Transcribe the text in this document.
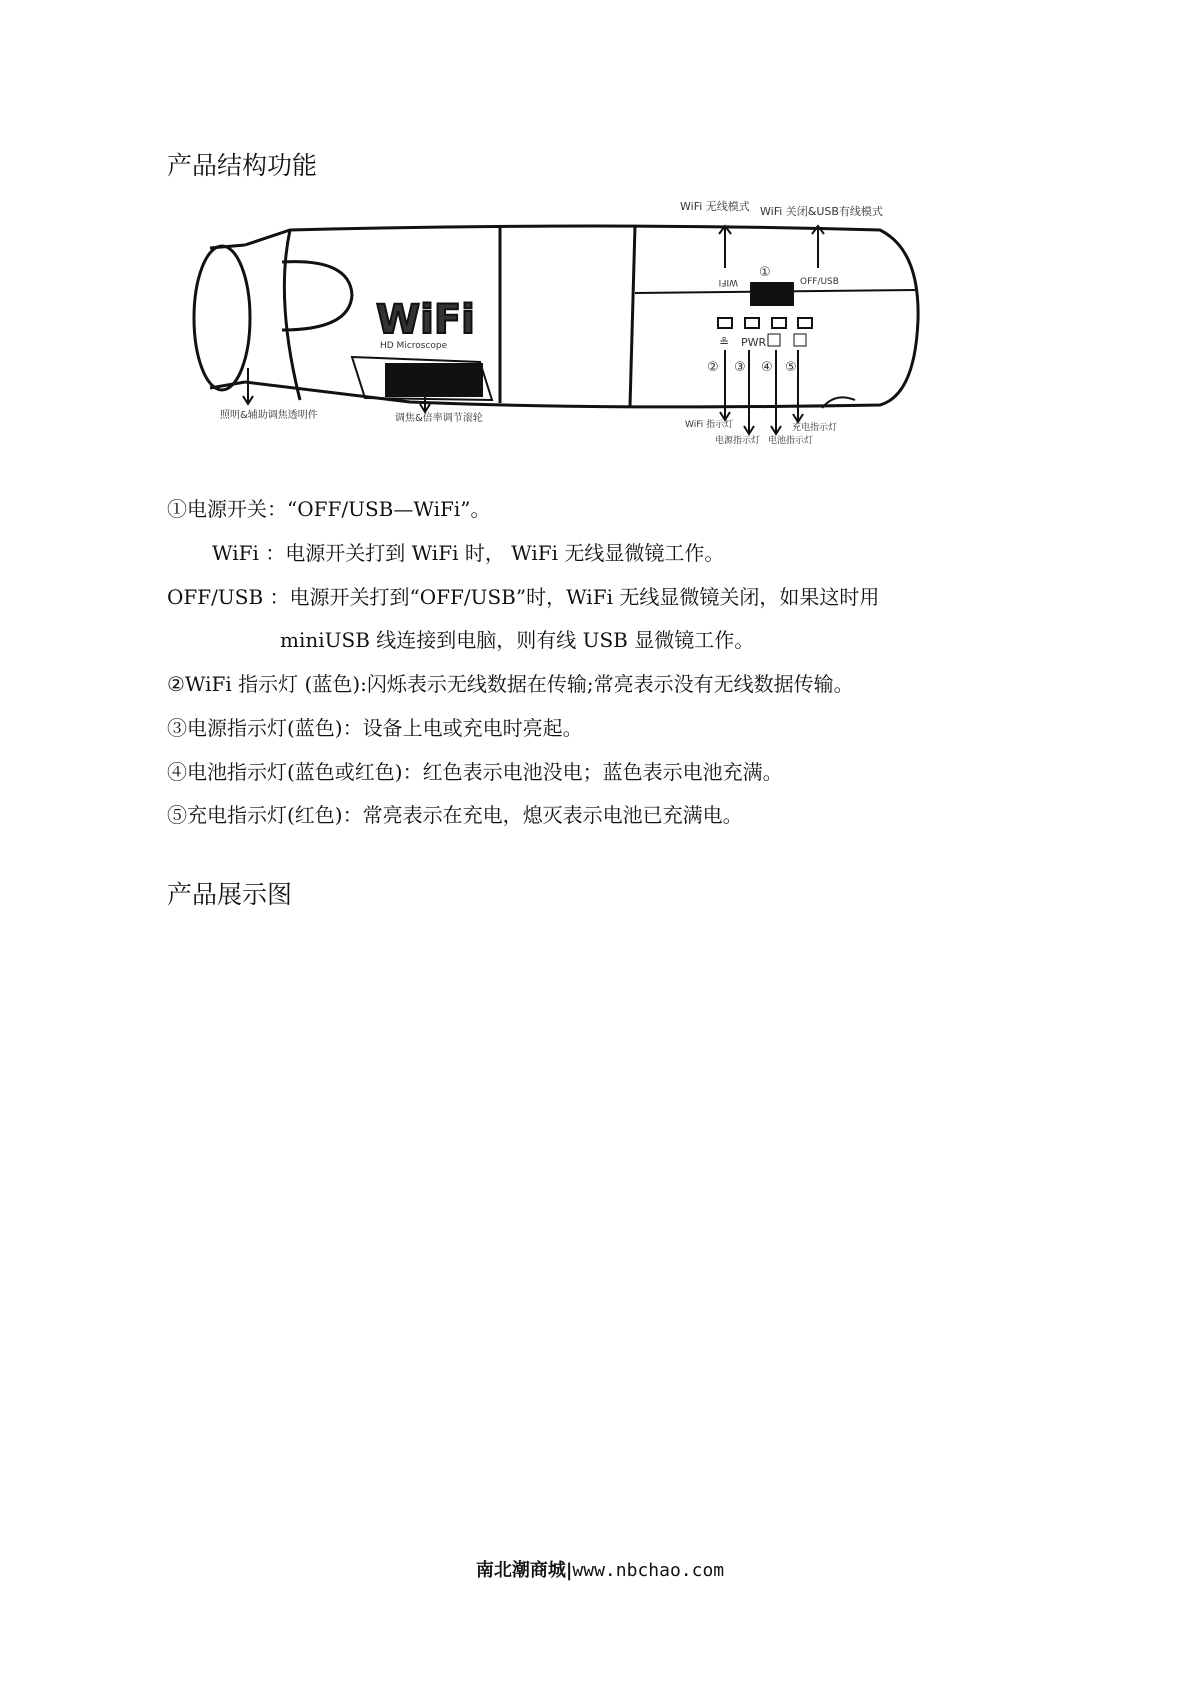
产品结构功能
WiFi
HD Microscope
WIFI	OFF/USB
①
PWR
≗
② ③ ④ ⑤
WiFi 无线模式 WiFi 关闭&USB有线模式
照明&辅助调焦透明件	调焦&倍率调节滚轮
WiFi 指示灯
电源指示灯 电池指示灯
充电指示灯
①电源开关：“OFF/USB—WiFi”。
WiFi ：电源开关打到 WiFi 时， WiFi 无线显微镜工作。
OFF/USB ：电源开关打到“OFF/USB”时，WiFi 无线显微镜关闭，如果这时用
miniUSB 线连接到电脑，则有线 USB 显微镜工作。
②WiFi 指示灯 (蓝色):闪烁表示无线数据在传输;常亮表示没有无线数据传输。
③电源指示灯(蓝色)：设备上电或充电时亮起。
④电池指示灯(蓝色或红色)：红色表示电池没电；蓝色表示电池充满。
⑤充电指示灯(红色)：常亮表示在充电，熄灭表示电池已充满电。
产品展示图
南北潮商城|www.nbchao.com
